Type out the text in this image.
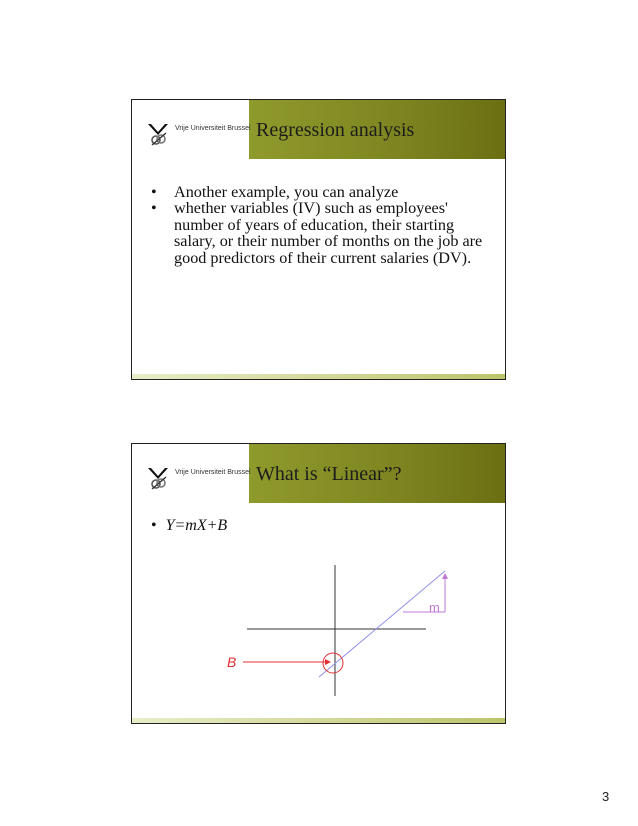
Vrije Universiteit Brussel Regression analysis
• Another example, you can analyze
• whether variables (IV) such as employees' number of years of education, their starting salary, or their number of months on the job are good predictors of their current salaries (DV).
Vrije Universiteit Brussel What is “Linear”?
• Y=mX+B
m
B
3
